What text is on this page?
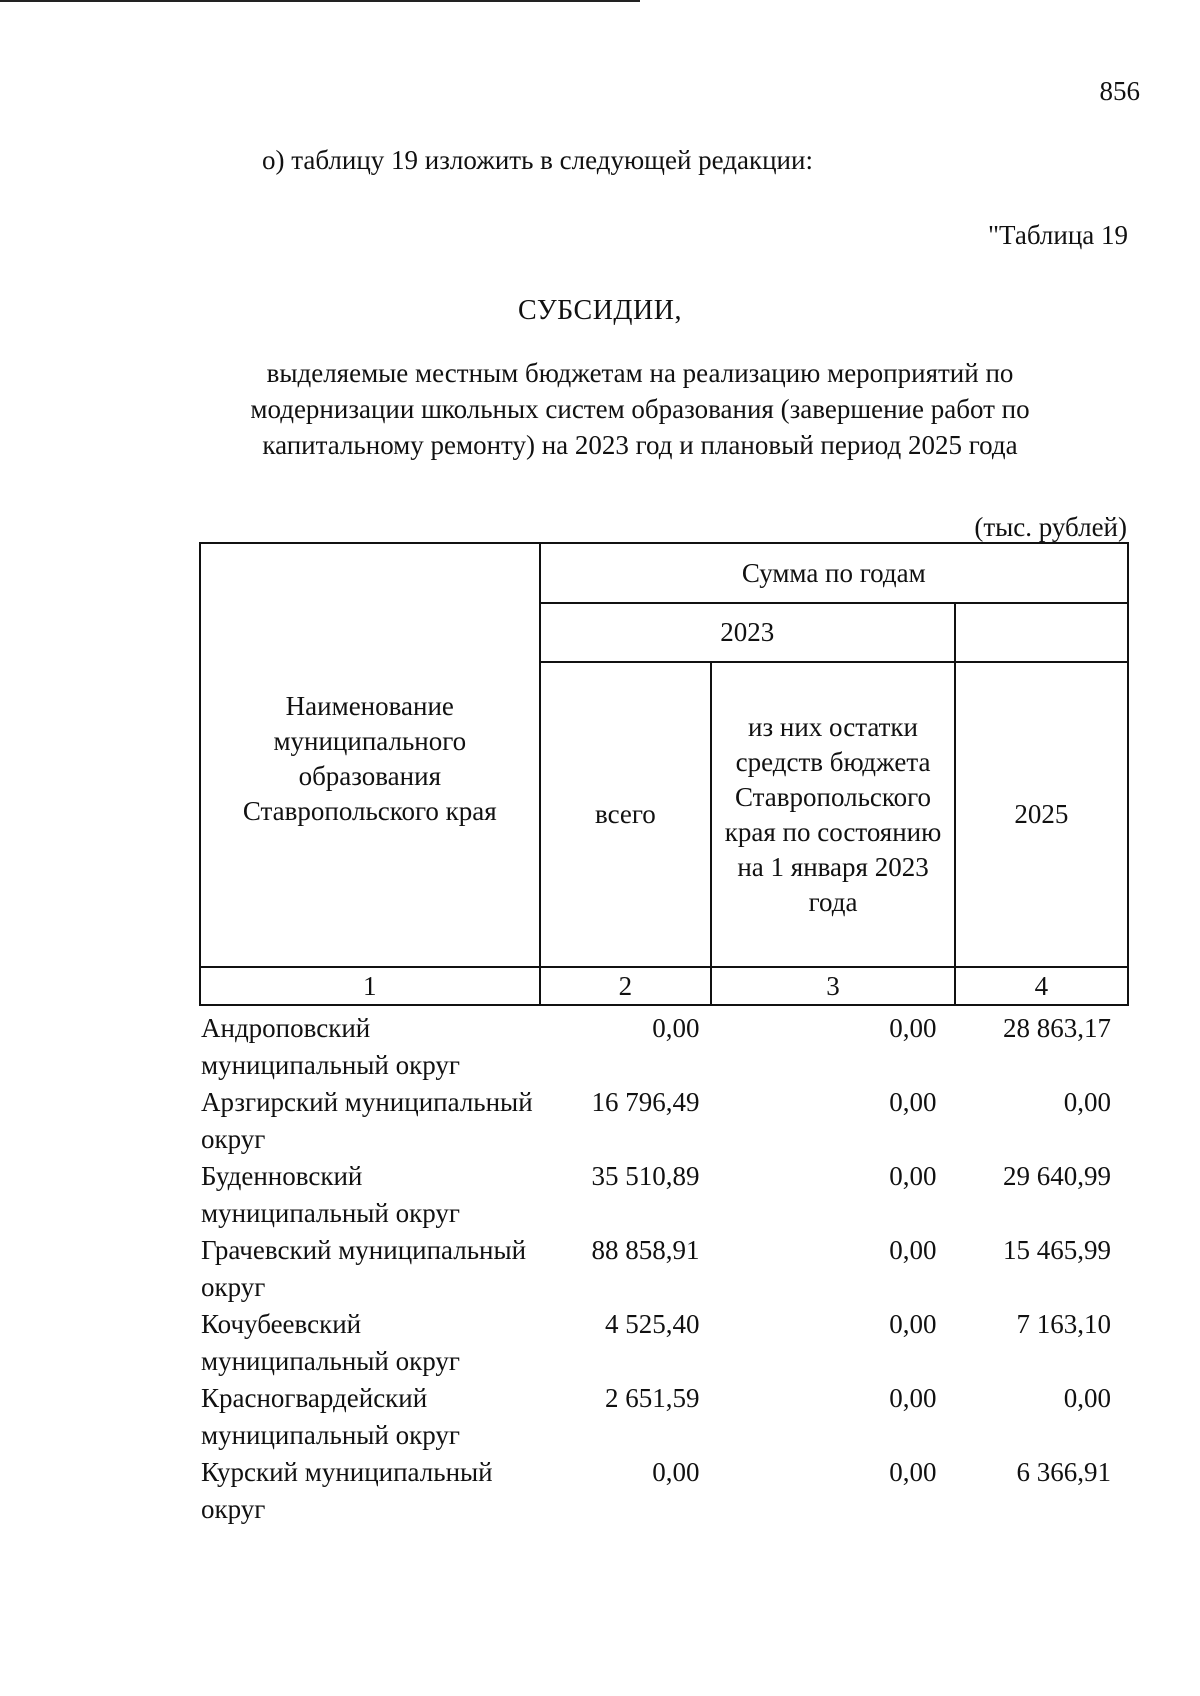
856
о) таблицу 19 изложить в следующей редакции:
"Таблица 19
СУБСИДИИ,
выделяемые местным бюджетам на реализацию мероприятий по модернизации школьных систем образования (завершение работ по капитальному ремонту) на 2023 год и плановый период 2025 года
(тыс. рублей)
Наименование муниципального образования Ставропольского края	Сумма по годам		
	2023		
	всего	из них остатки средств бюджета Ставропольского края по состоянию на 1 января 2023 года	2025
1	2	3	4
Андроповский муниципальный округ	0,00	0,00	28 863,17
Арзгирский муниципальный округ	16 796,49	0,00	0,00
Буденновский муниципальный округ	35 510,89	0,00	29 640,99
Грачевский муниципальный округ	88 858,91	0,00	15 465,99
Кочубеевский муниципальный округ	4 525,40	0,00	7 163,10
Красногвардейский муниципальный округ	2 651,59	0,00	0,00
Курский муниципальный округ	0,00	0,00	6 366,91
